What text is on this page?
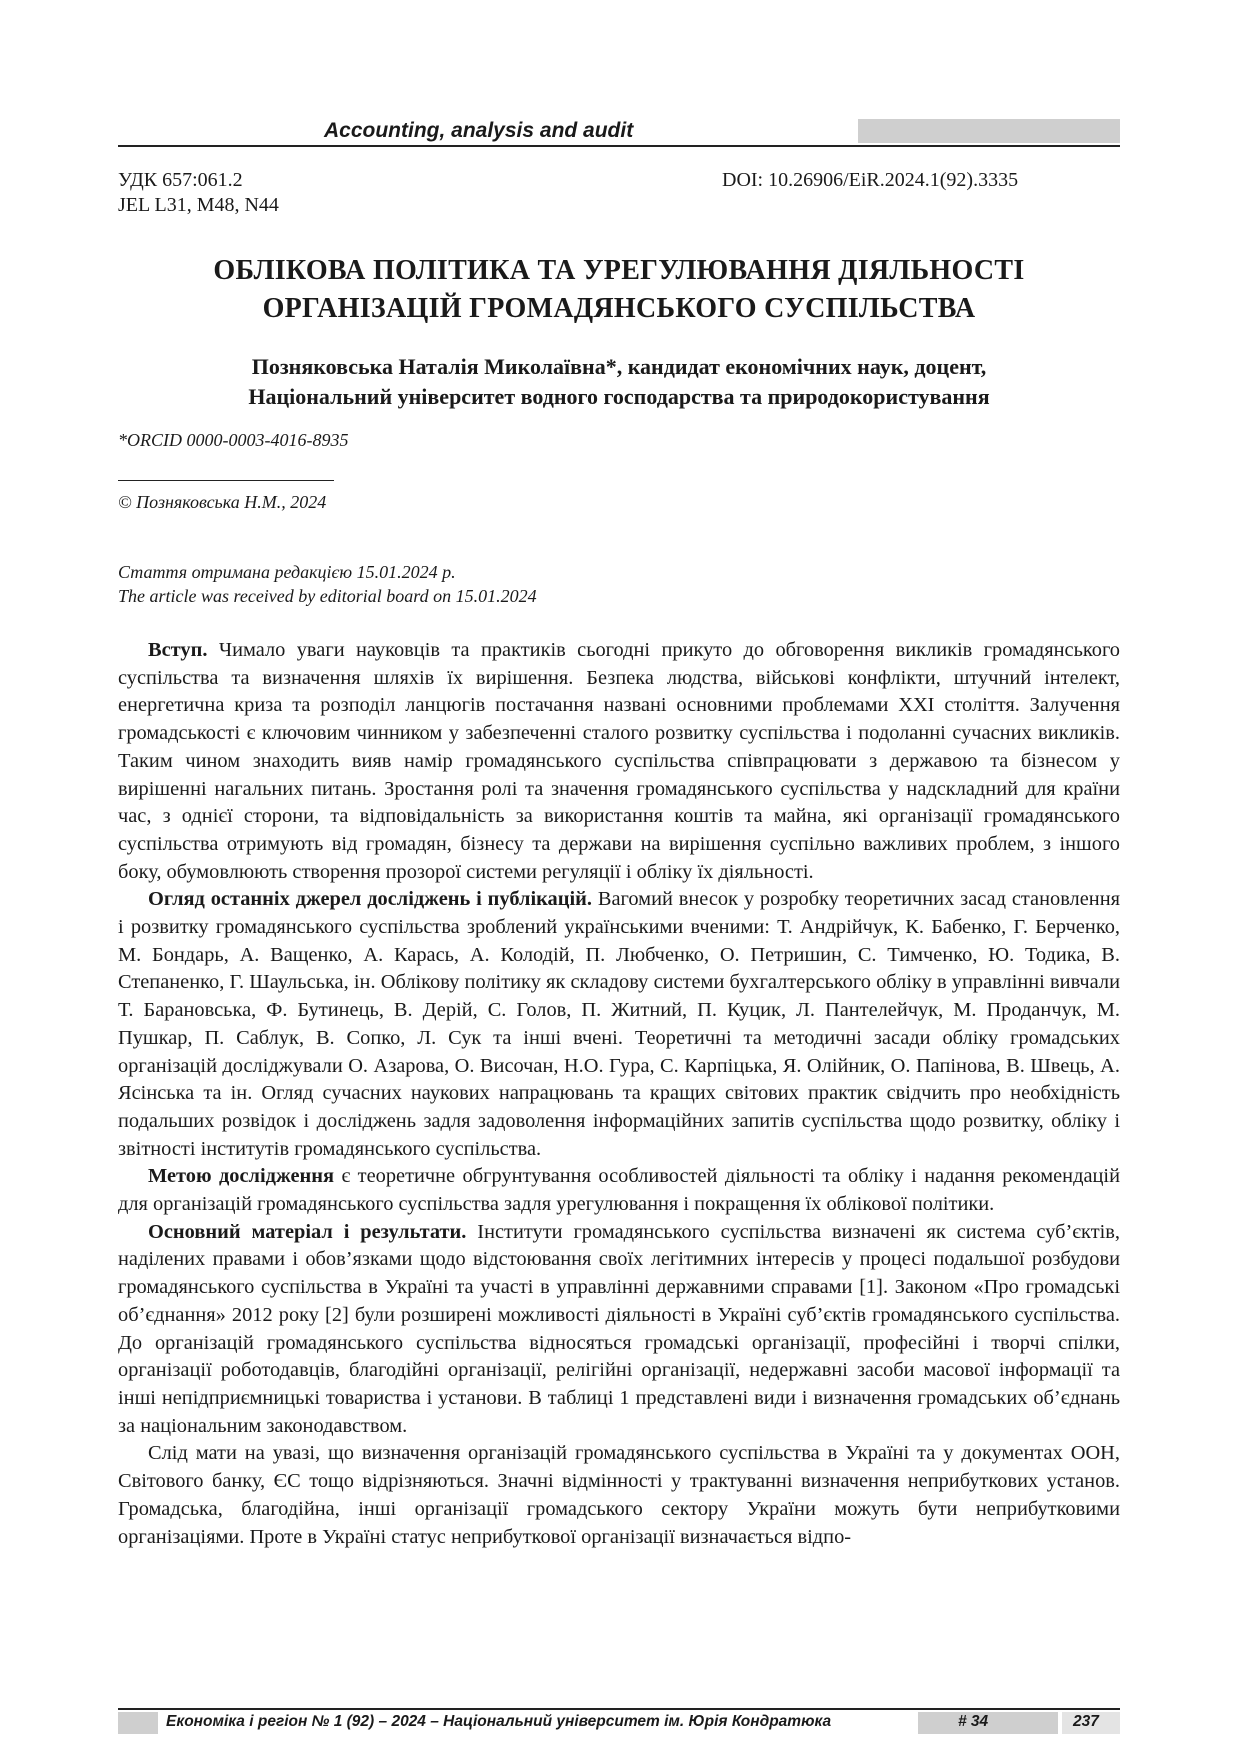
Accounting, analysis and audit
УДК 657:061.2
JEL L31, M48, N44
DOI: 10.26906/EiR.2024.1(92).3335
ОБЛІКОВА ПОЛІТИКА ТА УРЕГУЛЮВАННЯ ДІЯЛЬНОСТІ
ОРГАНІЗАЦІЙ ГРОМАДЯНСЬКОГО СУСПІЛЬСТВА
Позняковська Наталія Миколаївна*, кандидат економічних наук, доцент,
Національний університет водного господарства та природокористування
*ORCID 0000-0003-4016-8935
© Позняковська Н.М., 2024
Стаття отримана редакцією 15.01.2024 р.
The article was received by editorial board on 15.01.2024

Вступ. Чимало уваги науковців та практиків сьогодні прикуто до обговорення викликів громадянського суспільства та визначення шляхів їх вирішення. Безпека людства, військові конфлікти, штучний інтелект, енергетична криза та розподіл ланцюгів постачання названі основними проблемами ХХІ століття. Залучення громадськості є ключовим чинником у забезпеченні сталого розвитку суспільства і подоланні сучасних викликів. Таким чином знаходить вияв намір громадянського суспільства співпрацювати з державою та бізнесом у вирішенні нагальних питань. Зростання ролі та значення громадянського суспільства у надскладний для країни час, з однієї сторони, та відповідальність за використання коштів та майна, які організації громадянського суспільства отримують від громадян, бізнесу та держави на вирішення суспільно важливих проблем, з іншого боку, обумовлюють створення прозорої системи регуляції і обліку їх діяльності.

Огляд останніх джерел досліджень і публікацій. Вагомий внесок у розробку теоретичних засад становлення і розвитку громадянського суспільства зроблений українськими вченими: Т. Андрійчук, К. Бабенко, Г. Берченко, М. Бондарь, А. Ващенко, А. Карась, А. Колодій, П. Любченко, О. Петришин, С. Тимченко, Ю. Тодика, В. Степаненко, Г. Шаульська, ін. Облікову політику як складову системи бухгалтерського обліку в управлінні вивчали Т. Барановська, Ф. Бутинець, В. Дерій, С. Голов, П. Житний, П. Куцик, Л. Пантелейчук, М. Проданчук, М. Пушкар, П. Саблук, В. Сопко, Л. Сук та інші вчені. Теоретичні та методичні засади обліку громадських організацій досліджували О. Азарова, О. Височан, Н.О. Гура, С. Карпіцька, Я. Олійник, О. Папінова, В. Швець, А. Ясінська та ін. Огляд сучасних наукових напрацювань та кращих світових практик свідчить про необхідність подальших розвідок і досліджень задля задоволення інформаційних запитів суспільства щодо розвитку, обліку і звітності інститутів громадянського суспільства.

Метою дослідження є теоретичне обгрунтування особливостей діяльності та обліку і надання рекомендацій для організацій громадянського суспільства задля урегулювання і покращення їх облікової політики.

Основний матеріал і результати. Інститути громадянського суспільства визначені як система суб’єктів, наділених правами і обов’язками щодо відстоювання своїх легітимних інтересів у процесі подальшої розбудови громадянського суспільства в Україні та участі в управлінні державними справами [1]. Законом «Про громадські об’єднання» 2012 року [2] були розширені можливості діяльності в Україні суб’єктів громадянського суспільства. До організацій громадянського суспільства відносяться громадські організації, професійні і творчі спілки, організації роботодавців, благодійні організації, релігійні організації, недержавні засоби масової інформації та інші непідприємницькі товариства і установи. В таблиці 1 представлені види і визначення громадських об’єднань за національним законодавством.

Слід мати на увазі, що визначення організацій громадянського суспільства в Україні та у документах ООН, Світового банку, ЄС тощо відрізняються. Значні відмінності у трактуванні визначення неприбуткових установ. Громадська, благодійна, інші організації громадського сектору України можуть бути неприбутковими організаціями. Проте в Україні статус неприбуткової організації визначається відпо-

Економіка і регіон № 1 (92) – 2024 – Національний університет ім. Юрія Кондратюка	# 34	237
